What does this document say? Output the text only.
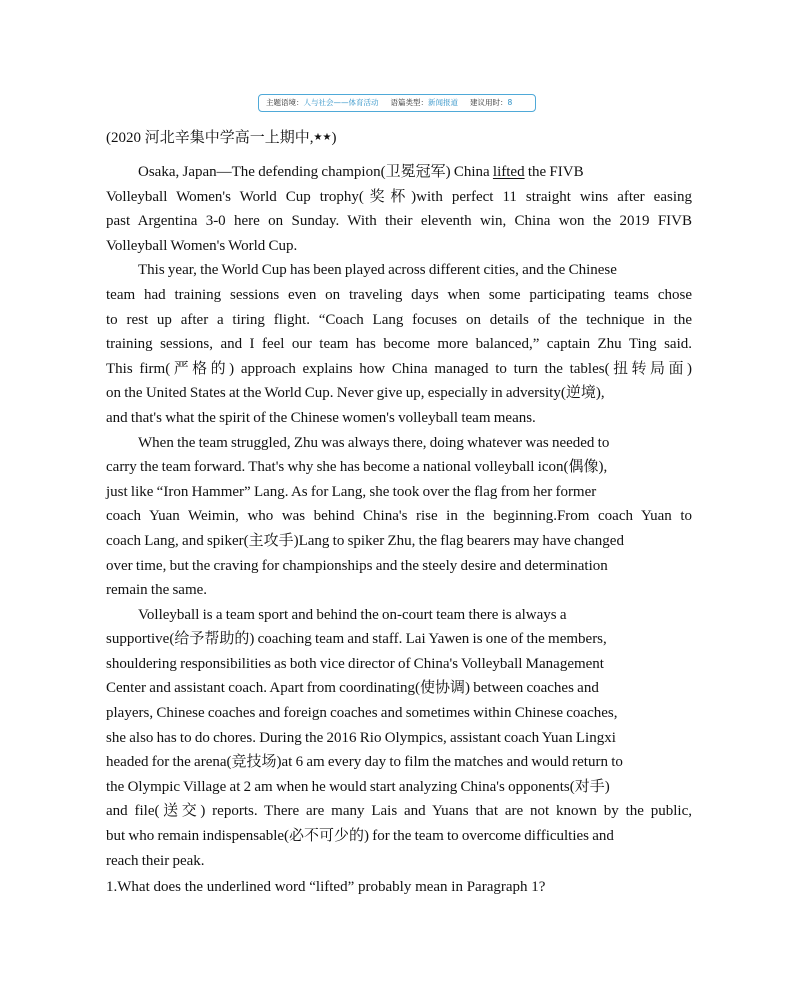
主题语境：人与社会——体育活动 语篇类型：新闻报道 建议用时：8
(2020 河北辛集中学高一上期中,★★)
Osaka, Japan—The defending champion(卫冕冠军) China lifted the FIVB
Volleyball Women's World Cup trophy(奖杯)with perfect 11 straight wins after easing
past Argentina 3-0 here on Sunday. With their eleventh win, China won the 2019 FIVB
Volleyball Women's World Cup.
This year, the World Cup has been played across different cities, and the Chinese
team had training sessions even on traveling days when some participating teams chose
to rest up after a tiring flight. “Coach Lang focuses on details of the technique in the
training sessions, and I feel our team has become more balanced,” captain Zhu Ting said.
This firm(严格的) approach explains how China managed to turn the tables(扭转局面)
on the United States at the World Cup. Never give up, especially in adversity(逆境),
and that's what the spirit of the Chinese women's volleyball team means.
When the team struggled, Zhu was always there, doing whatever was needed to
carry the team forward. That's why she has become a national volleyball icon(偶像),
just like “Iron Hammer” Lang. As for Lang, she took over the flag from her former
coach Yuan Weimin, who was behind China's rise in the beginning.From coach Yuan to
coach Lang, and spiker(主攻手)Lang to spiker Zhu, the flag bearers may have changed
over time, but the craving for championships and the steely desire and determination
remain the same.
Volleyball is a team sport and behind the on-court team there is always a
supportive(给予帮助的) coaching team and staff. Lai Yawen is one of the members,
shouldering responsibilities as both vice director of China's Volleyball Management
Center and assistant coach. Apart from coordinating(使协调) between coaches and
players, Chinese coaches and foreign coaches and sometimes within Chinese coaches,
she also has to do chores. During the 2016 Rio Olympics, assistant coach Yuan Lingxi
headed for the arena(竞技场)at 6 am every day to film the matches and would return to
the Olympic Village at 2 am when he would start analyzing China's opponents(对手)
and file(送交) reports. There are many Lais and Yuans that are not known by the public,
but who remain indispensable(必不可少的) for the team to overcome difficulties and
reach their peak.
1.What does the underlined word “lifted” probably mean in Paragraph 1?
